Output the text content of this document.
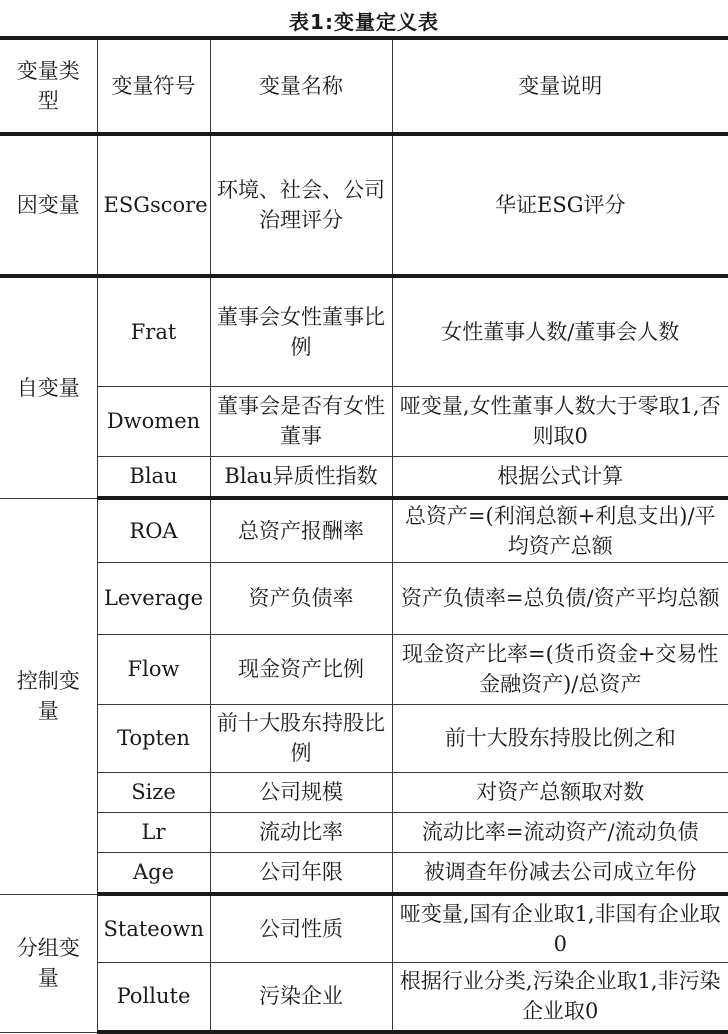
表1:变量定义表
变量类型	变量符号	变量名称	变量说明
因变量	ESGscore	环境、社会、公司治理评分	华证ESG评分
自变量	Frat	董事会女性董事比例	女性董事人数/董事会人数
	Dwomen	董事会是否有女性董事	哑变量,女性董事人数大于零取1,否则取0
	Blau	Blau异质性指数	根据公式计算

控制变量	ROA	总资产报酬率	总资产=(利润总额+利息支出)/平均资产总额
	Leverage	资产负债率	资产负债率=总负债/资产平均总额
	Flow	现金资产比例	现金资产比率=(货币资金+交易性金融资产)/总资产
	Topten	前十大股东持股比例	前十大股东持股比例之和
	Size	公司规模	对资产总额取对数
	Lr	流动比率	流动比率=流动资产/流动负债
	Age	公司年限	被调查年份减去公司成立年份

分组变量	Stateown	公司性质	哑变量,国有企业取1,非国有企业取0
	Pollute	污染企业	根据行业分类,污染企业取1,非污染企业取0
